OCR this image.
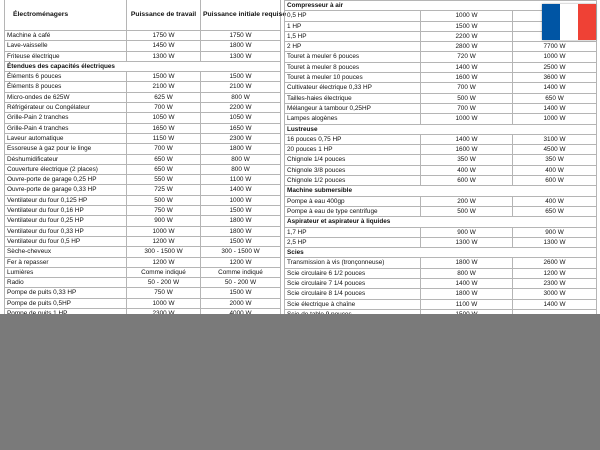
Électroménagers	Puissance de travail	Puissance initiale requise
Machine à café	1750 W	1750 W
Lave-vaisselle	1450 W	1800 W
Friteuse électrique	1300 W	1300 W
Étendues des capacités électriques		
Éléments 6 pouces	1500 W	1500 W
Éléments 8 pouces	2100 W	2100 W
Micro-ondes de 625W	625 W	800 W
Réfrigérateur ou Congélateur	700 W	2200 W
Grille-Pain 2 tranches	1050 W	1050 W
Grille-Pain 4 tranches	1650 W	1650 W
Laveur automatique	1150 W	2300 W
Essoreuse à gaz pour le linge	700 W	1800 W
Déshumidificateur	650 W	800 W
Couverture électrique (2 places)	650 W	800 W
Ouvre-porte de garage 0,25 HP	550 W	1100 W
Ouvre-porte de garage 0,33 HP	725 W	1400 W
Ventilateur du four 0,125 HP	500 W	1000 W
Ventilateur du four 0,16 HP	750 W	1500 W
Ventilateur du four 0,25 HP	900 W	1800 W
Ventilateur du four 0,33 HP	1000 W	1800 W
Ventilateur du four 0,5 HP	1200 W	1500 W
Sèche-cheveux	300 - 1500 W	300 - 1500 W
Fer à repasser	1200 W	1200 W
Lumières	Comme indiqué	Comme indiqué
Radio	50 - 200 W	50 - 200 W
Pompe de puits 0,33 HP	750 W	1500 W
Pompe de puits 0,5HP	1000 W	2000 W

Compresseur à air		
0,5 HP	1000 W	
1 HP	1500 W	
1,5 HP	2200 W	
2 HP	2800 W	7700 W
Touret à meuler 6 pouces	720 W	1000 W
Touret à meuler 8 pouces	1400 W	2500 W
Touret à meuler 10 pouces	1600 W	3600 W
Cultivateur électrique 0,33 HP	700 W	1400 W
Tailles-haies électrique	500 W	650 W
Mélangeur à tambour 0,25HP	700 W	1400 W
Lampes alogènes	1000 W	1000 W
Lustreuse		
16 pouces 0,75 HP	1400 W	3100 W
20 pouces 1 HP	1600 W	4500 W
Chignole 1/4 pouces	350 W	350 W
Chignole 3/8 pouces	400 W	400 W
Chignole 1/2 pouces	600 W	600 W
Machine submersible		
Pompe à eau 400gp	200 W	400 W
Pompe à eau de type centrifuge	500 W	650 W
Aspirateur et aspirateur à liquides		
1,7 HP	900 W	900 W
2,5 HP	1300 W	1300 W
Scies		
Transmission à vis (tronçonneuse)	1800 W	2600 W
Scie circulaire 6 1/2 pouces	800 W	1200 W
Scie circulaire 7 1/4 pouces	1400 W	2300 W
Scie circulaire 8 1/4 pouces	1800 W	3000 W
Scie électrique à chaîne	1100 W	1400 W
